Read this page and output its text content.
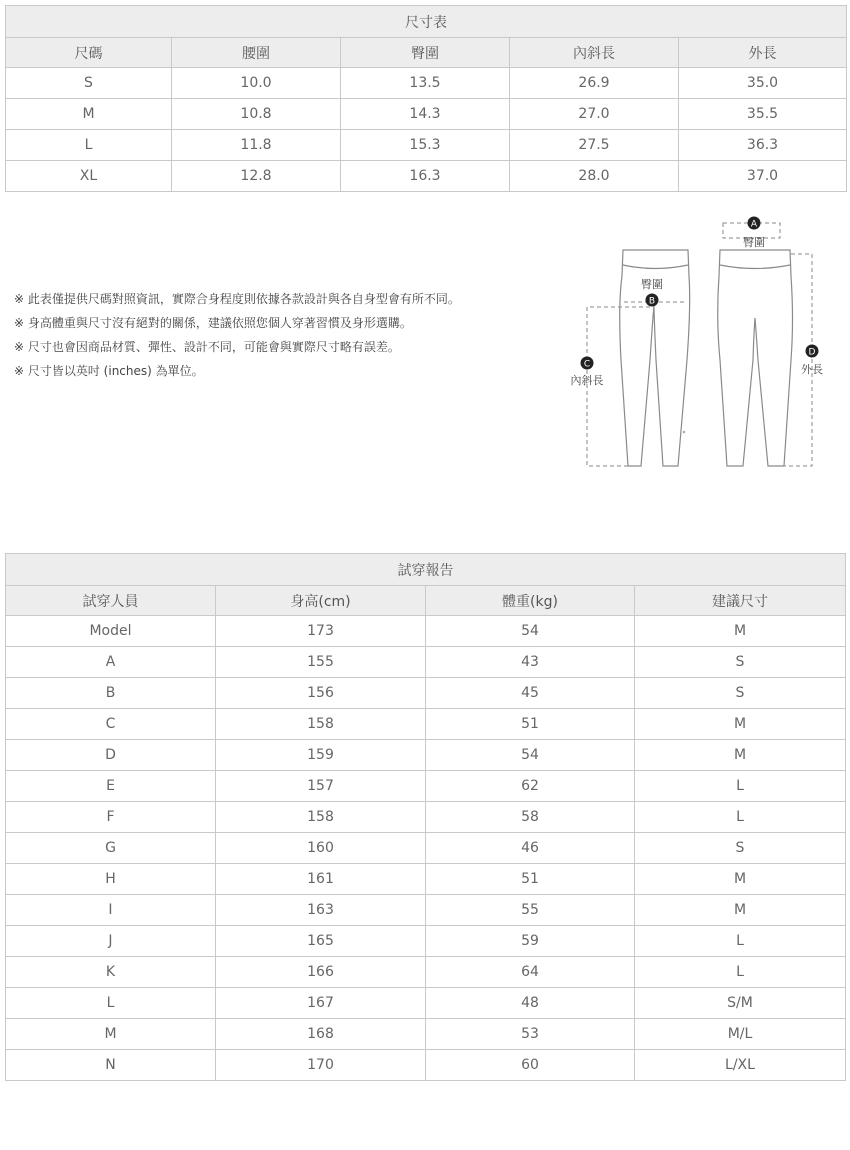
尺寸表				
尺碼	腰圍	臀圍	內斜長	外長
S	10.0	13.5	26.9	35.0
M	10.8	14.3	27.0	35.5
L	11.8	15.3	27.5	36.3
XL	12.8	16.3	28.0	37.0
※ 此表僅提供尺碼對照資訊，實際合身程度則依據各款設計與各自身型會有所不同。
※ 身高體重與尺寸沒有絕對的關係，建議依照您個人穿著習慣及身形選購。
※ 尺寸也會因商品材質、彈性、設計不同，可能會與實際尺寸略有誤差。
※ 尺寸皆以英吋 (inches) 為單位。
A
臀圍
臀圍
B
C
內斜長
D
外長
試穿報告			
試穿人員	身高(cm)	體重(kg)	建議尺寸
Model	173	54	M
A	155	43	S
B	156	45	S
C	158	51	M
D	159	54	M
E	157	62	L
F	158	58	L
G	160	46	S
H	161	51	M
I	163	55	M
J	165	59	L
K	166	64	L
L	167	48	S/M
M	168	53	M/L
N	170	60	L/XL
